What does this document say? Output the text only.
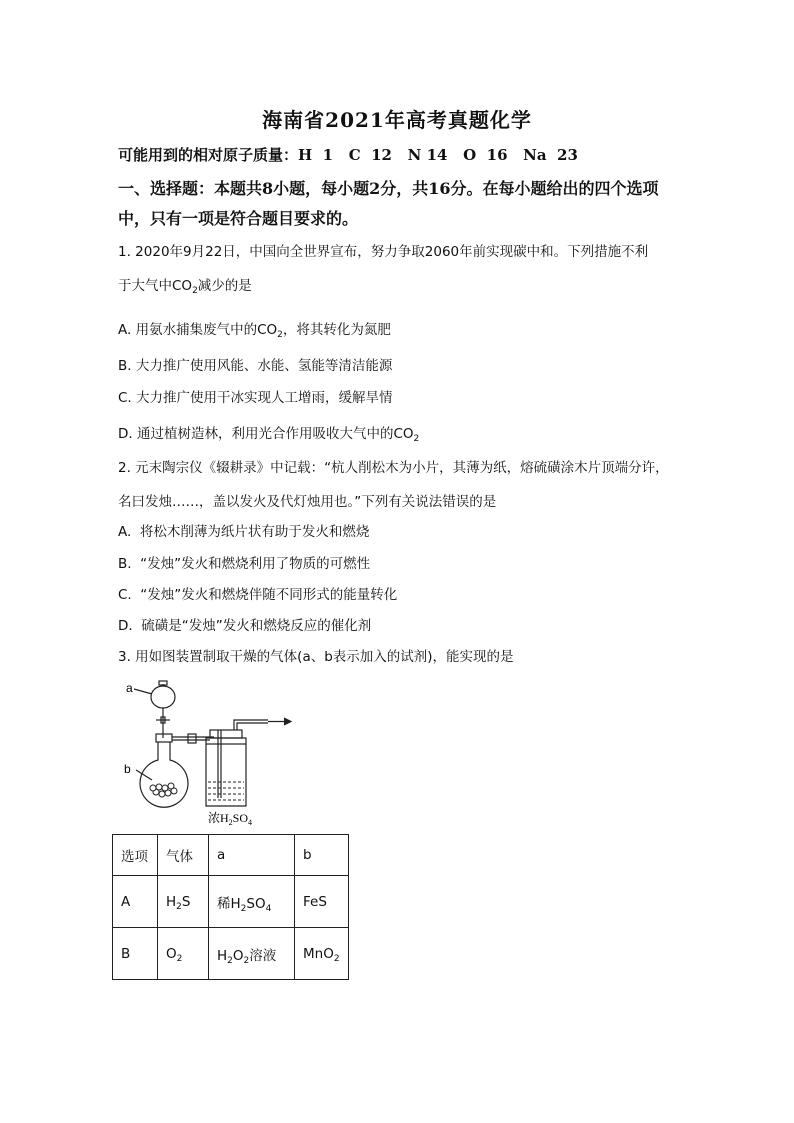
海南省2021年高考真题化学
可能用到的相对原子质量：H  1   C  12   N 14   O  16   Na  23
一、选择题：本题共8小题，每小题2分，共16分。在每小题给出的四个选项
中，只有一项是符合题目要求的。
1. 2020年9月22日，中国向全世界宣布，努力争取2060年前实现碳中和。下列措施不利
于大气中$CO_2$减少的是
A. 用氨水捕集废气中的$CO_2$，将其转化为氮肥
B. 大力推广使用风能、水能、氢能等清洁能源
C. 大力推广使用干冰实现人工增雨，缓解旱情
D. 通过植树造林，利用光合作用吸收大气中的$CO_2$
2. 元末陶宗仪《辍耕录》中记载：“杭人削松木为小片，其薄为纸，熔硫磺涂木片顶端分许，
名曰发烛……，盖以发火及代灯烛用也。”下列有关说法错误的是
A.  将松木削薄为纸片状有助于发火和燃烧
B.  “发烛”发火和燃烧利用了物质的可燃性
C.  “发烛”发火和燃烧伴随不同形式的能量转化
D.  硫磺是“发烛”发火和燃烧反应的催化剂
3. 用如图装置制取干燥的气体(a、b表示加入的试剂)，能实现的是
a
b
浓$H_2SO_4$
选项	气体	a	b
A	$H_2S$	稀$H_2SO_4$	FeS
B	$O_2$	$H_2O_2$溶液	MnO$_2$
